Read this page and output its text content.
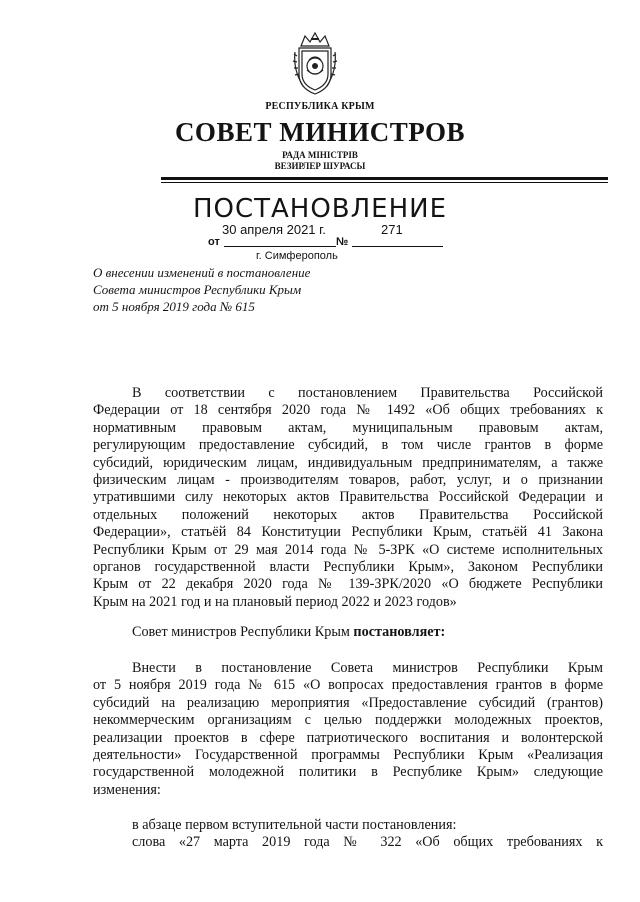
РЕСПУБЛИКА КРЫМ
СОВЕТ МИНИСТРОВ
РАДА МІНІСТРІВ
ВЕЗИРЛЕР ШУРАСЫ
ПОСТАНОВЛЕНИЕ
30 апреля 2021 г.	271
от	№
г. Симферополь
О внесении изменений в постановление
Совета министров Республики Крым
от 5 ноября 2019 года № 615
В соответствии с постановлением Правительства Российской
Федерации от 18 сентября 2020 года № 1492 «Об общих требованиях к
нормативным правовым актам, муниципальным правовым актам,
регулирующим предоставление субсидий, в том числе грантов в форме
субсидий, юридическим лицам, индивидуальным предпринимателям, а также
физическим лицам - производителям товаров, работ, услуг, и о признании
утратившими силу некоторых актов Правительства Российской Федерации и
отдельных положений некоторых актов Правительства Российской
Федерации», статьёй 84 Конституции Республики Крым, статьёй 41 Закона
Республики Крым от 29 мая 2014 года № 5-ЗРК «О системе исполнительных
органов государственной власти Республики Крым», Законом Республики
Крым от 22 декабря 2020 года № 139-ЗРК/2020 «О бюджете Республики
Крым на 2021 год и на плановый период 2022 и 2023 годов»
Совет министров Республики Крым постановляет:
Внести в постановление Совета министров Республики Крым
от 5 ноября 2019 года № 615 «О вопросах предоставления грантов в форме
субсидий на реализацию мероприятия «Предоставление субсидий (грантов)
некоммерческим организациям с целью поддержки молодежных проектов,
реализации проектов в сфере патриотического воспитания и волонтерской
деятельности» Государственной программы Республики Крым «Реализация
государственной молодежной политики в Республике Крым» следующие
изменения:
в абзаце первом вступительной части постановления:
слова «27 марта 2019 года № 322 «Об общих требованиях к
